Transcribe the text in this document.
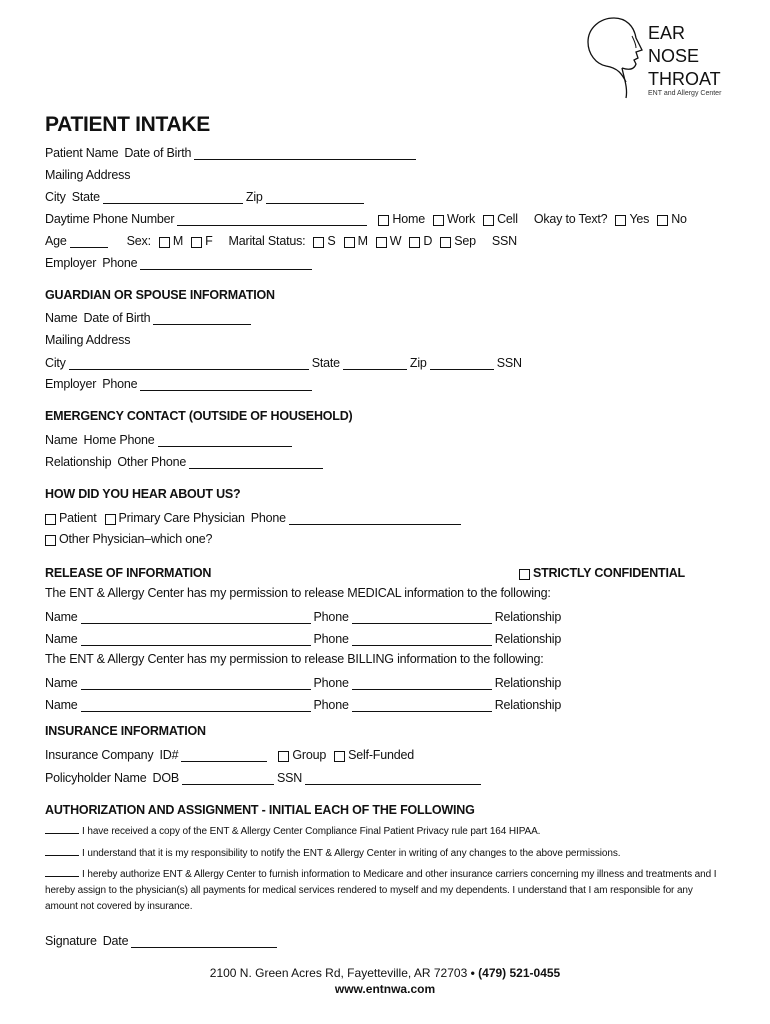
EAR
NOSE
THROAT
ENT and Allergy Center
PATIENT INTAKE
Patient Name Date of Birth
Mailing Address
City State	Zip
Daytime Phone Number	Home Work Cell Okay to Text? Yes No
Age	Sex: M F Marital Status: S M W D Sep SSN
Employer Phone
GUARDIAN OR SPOUSE INFORMATION
Name Date of Birth
Mailing Address
City	State	Zip	SSN
Employer Phone
EMERGENCY CONTACT (OUTSIDE OF HOUSEHOLD)
Name Home Phone
Relationship Other Phone
HOW DID YOU HEAR ABOUT US?
Patient Primary Care Physician Phone
Other Physician–which one?
RELEASE OF INFORMATION	STRICTLY CONFIDENTIAL
The ENT & Allergy Center has my permission to release MEDICAL information to the following:
Name	Phone	Relationship
Name	Phone	Relationship
The ENT & Allergy Center has my permission to release BILLING information to the following:
Name	Phone	Relationship
Name	Phone	Relationship
INSURANCE INFORMATION
Insurance Company ID#	Group Self-Funded
Policyholder Name DOB	SSN
AUTHORIZATION AND ASSIGNMENT - INITIAL EACH OF THE FOLLOWING
I have received a copy of the ENT & Allergy Center Compliance Final Patient Privacy rule part 164 HIPAA.
I understand that it is my responsibility to notify the ENT & Allergy Center in writing of any changes to the above permissions.
I hereby authorize ENT & Allergy Center to furnish information to Medicare and other insurance carriers concerning my illness and treatments and I hereby assign to the physician(s) all payments for medical services rendered to myself and my dependents. I understand that I am responsible for any amount not covered by insurance.
Signature Date
2100 N. Green Acres Rd, Fayetteville, AR 72703 • (479) 521-0455
www.entnwa.com
